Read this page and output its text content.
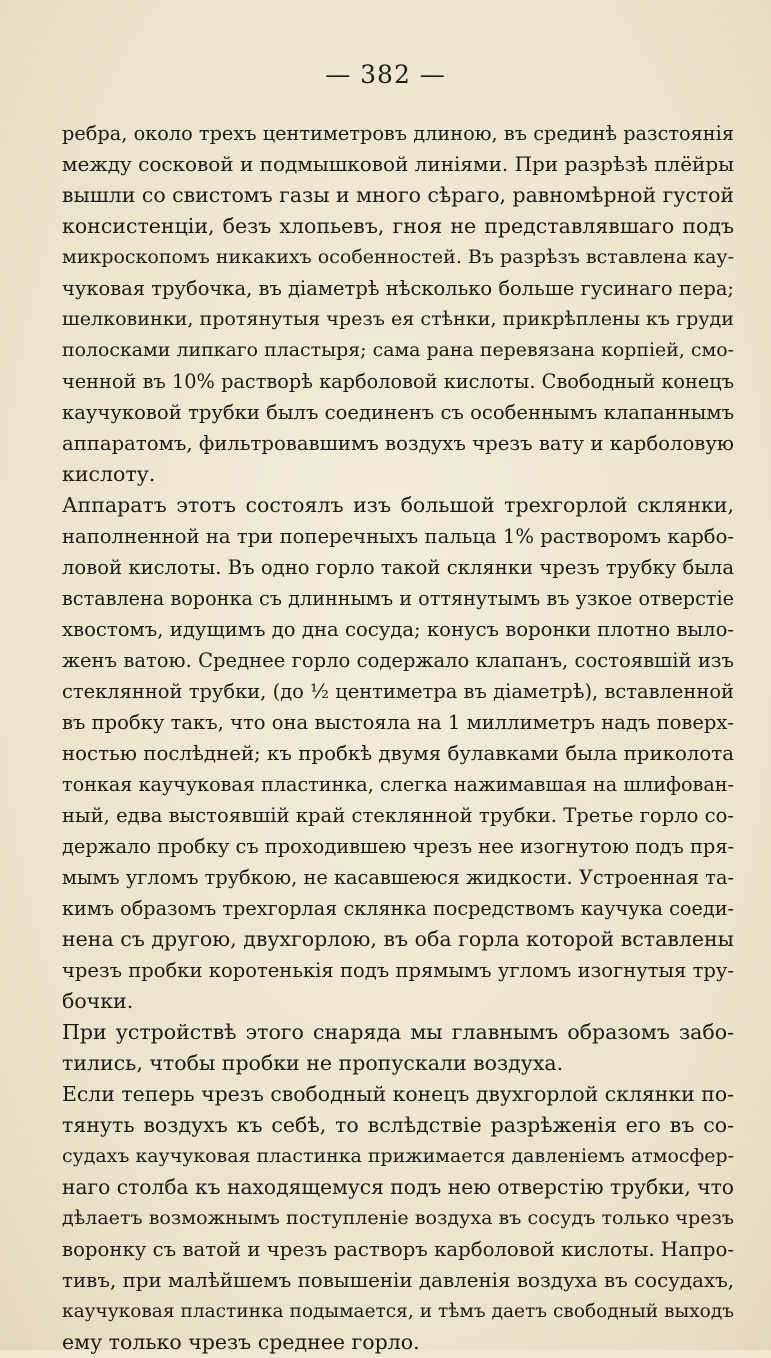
— 382 —
ребра, около трехъ центиметровъ длиною, въ срединѣ разстоянія
между сосковой и подмышковой линіями. При разрѣзѣ плёйры
вышли со свистомъ газы и много сѣраго, равномѣрной густой
консистенціи, безъ хлопьевъ, гноя не представлявшаго подъ
микроскопомъ никакихъ особенностей. Въ разрѣзъ вставлена кау-
чуковая трубочка, въ діаметрѣ нѣсколько больше гусинаго пера;
шелковинки, протянутыя чрезъ ея стѣнки, прикрѣплены къ груди
полосками липкаго пластыря; сама рана перевязана корпіей, смо-
ченной въ 10% растворѣ карболовой кислоты. Свободный конецъ
каучуковой трубки былъ соединенъ съ особеннымъ клапаннымъ
аппаратомъ, фильтровавшимъ воздухъ чрезъ вату и карболовую
кислоту.
Аппаратъ этотъ состоялъ изъ большой трехгорлой склянки,
наполненной на три поперечныхъ пальца 1% растворомъ карбо-
ловой кислоты. Въ одно горло такой склянки чрезъ трубку была
вставлена воронка съ длиннымъ и оттянутымъ въ узкое отверстіе
хвостомъ, идущимъ до дна сосуда; конусъ воронки плотно выло-
женъ ватою. Среднее горло содержало клапанъ, состоявшій изъ
стеклянной трубки, (до ½ центиметра въ діаметрѣ), вставленной
въ пробку такъ, что она выстояла на 1 миллиметръ надъ поверх-
ностью послѣдней; къ пробкѣ двумя булавками была приколота
тонкая каучуковая пластинка, слегка нажимавшая на шлифован-
ный, едва выстоявшій край стеклянной трубки. Третье горло со-
держало пробку съ проходившею чрезъ нее изогнутою подъ пря-
мымъ угломъ трубкою, не касавшеюся жидкости. Устроенная та-
кимъ образомъ трехгорлая склянка посредствомъ каучука соеди-
нена съ другою, двухгорлою, въ оба горла которой вставлены
чрезъ пробки коротенькія подъ прямымъ угломъ изогнутыя тру-
бочки.
При устройствѣ этого снаряда мы главнымъ образомъ забо-
тились, чтобы пробки не пропускали воздуха.
Если теперь чрезъ свободный конецъ двухгорлой склянки по-
тянуть воздухъ къ себѣ, то вслѣдствіе разрѣженія его въ со-
судахъ каучуковая пластинка прижимается давленіемъ атмосфер-
наго столба къ находящемуся подъ нею отверстію трубки, что
дѣлаетъ возможнымъ поступленіе воздуха въ сосудъ только чрезъ
воронку съ ватой и чрезъ растворъ карболовой кислоты. Напро-
тивъ, при малѣйшемъ повышеніи давленія воздуха въ сосудахъ,
каучуковая пластинка подымается, и тѣмъ даетъ свободный выходъ
ему только чрезъ среднее горло.
